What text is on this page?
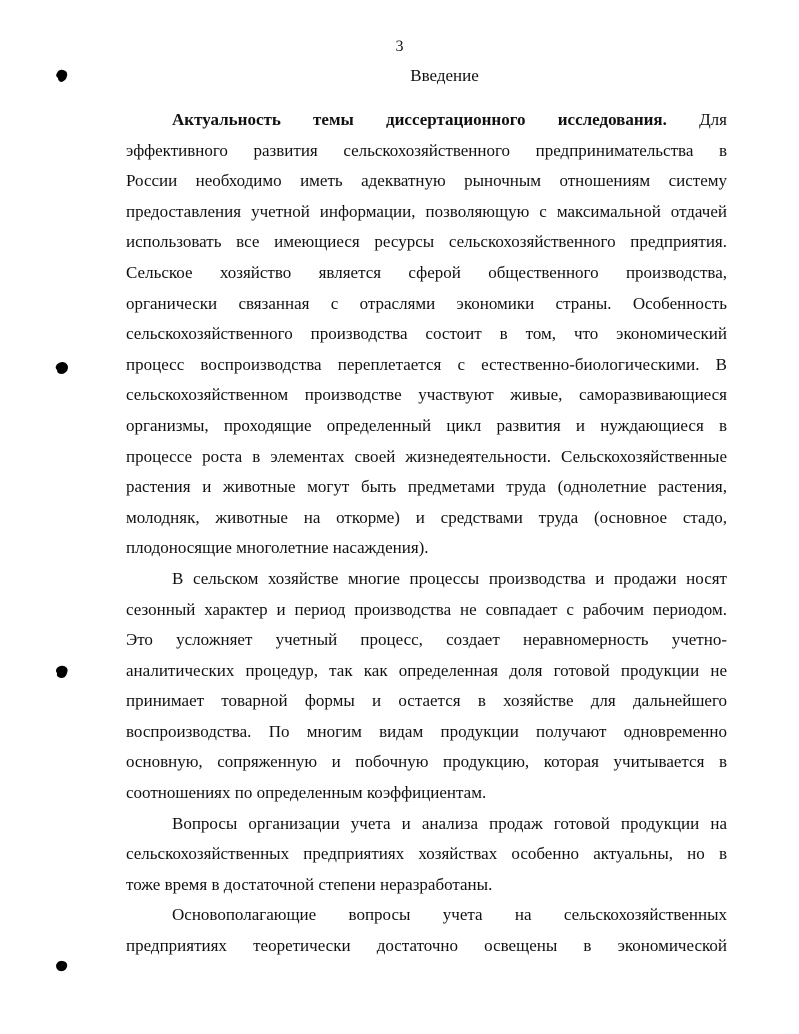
3
Введение
Актуальность темы диссертационного исследования. Для
эффективного развития сельскохозяйственного предпринимательства в
России необходимо иметь адекватную рыночным отношениям систему
предоставления учетной информации, позволяющую с максимальной отдачей
использовать все имеющиеся ресурсы сельскохозяйственного предприятия.
Сельское хозяйство является сферой общественного производства,
органически связанная с отраслями экономики страны. Особенность
сельскохозяйственного производства состоит в том, что экономический
процесс воспроизводства переплетается с естественно-биологическими. В
сельскохозяйственном производстве участвуют живые, саморазвивающиеся
организмы, проходящие определенный цикл развития и нуждающиеся в
процессе роста в элементах своей жизнедеятельности. Сельскохозяйственные
растения и животные могут быть предметами труда (однолетние растения,
молодняк, животные на откорме) и средствами труда (основное стадо,
плодоносящие многолетние насаждения).
В сельском хозяйстве многие процессы производства и продажи носят
сезонный характер и период производства не совпадает с рабочим периодом.
Это усложняет учетный процесс, создает неравномерность учетно-
аналитических процедур, так как определенная доля готовой продукции не
принимает товарной формы и остается в хозяйстве для дальнейшего
воспроизводства. По многим видам продукции получают одновременно
основную, сопряженную и побочную продукцию, которая учитывается в
соотношениях по определенным коэффициентам.
Вопросы организации учета и анализа продаж готовой продукции на
сельскохозяйственных предприятиях хозяйствах особенно актуальны, но в
тоже время в достаточной степени неразработаны.
Основополагающие вопросы учета на сельскохозяйственных
предприятиях теоретически достаточно освещены в экономической
